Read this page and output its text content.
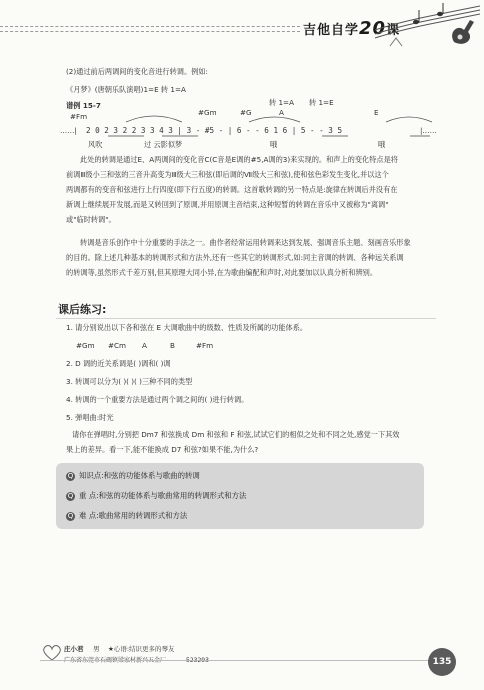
吉他自学20课
(2)通过前后两调间的变化音进行转调。例如:
《月梦》(唐朝乐队演唱)1=E 转 1=A
谱例 15-7
#Fm	#Gm	#G
转 1=A 转 1=E
A	E
……| 2 0 2 3 2 2 3 3 4 3 | 3 - #5 - | 6 - - 6 1 6 | 5 - - 3 5	|……
风吹	过 云影似梦	哦	哦
此处的转调是通过E、A两调间的变化音C(C音是E调的#5,A调的3)来实现的。和声上的变化特点是将
前调Ⅲ级小三和弦的三音升高变为Ⅲ级大三和弦(即后调的Ⅶ级大三和弦),使和弦色彩发生变化,并以这个
两调都有的变音和弦进行上行四度(即下行五度)的转调。这首歌转调的另一特点是:旋律在转调后并没有在
新调上继续展开发展,而是又转回到了原调,并用原调主音结束,这种短暂的转调在音乐中又被称为"离调"
或"临时转调"。
转调是音乐创作中十分重要的手法之一。曲作者经常运用转调来达到发展、强调音乐主题、刻画音乐形象
的目的。除上述几种基本的转调形式和方法外,还有一些其它的转调形式,如:同主音调的转调、各种远关系调
的转调等,虽然形式千差万别,但其原理大同小异,在为歌曲编配和声时,对此要加以认真分析和辨别。
课后练习:
1. 请分别说出以下各和弦在 E 大调歌曲中的级数、性质及所属的功能体系。
#Gm #Cm A	B	#Fm
2. D 调的近关系调是( )调和( )调
3. 转调可以分为( )( )( )三种不同的类型
4. 转调的一个重要方法是通过两个调之间的( )进行转调。
5. 弹唱曲:时光
请你在弹唱时,分别把 Dm7 和弦换成 Dm 和弦和 F 和弦,试试它们的相似之处和不同之处,感觉一下其效
果上的差异。看一下,能不能换成 D7 和弦?如果不能,为什么?
Q 知识点:和弦的功能体系与歌曲的转调
Q 重 点:和弦的功能体系与歌曲常用的转调形式和方法
Q 难 点:歌曲常用的转调形式和方法
庄小君 男 ★心语:结识更多的琴友
广东省东莞市石碣镇梁家村新兴五金厂	523293	135
